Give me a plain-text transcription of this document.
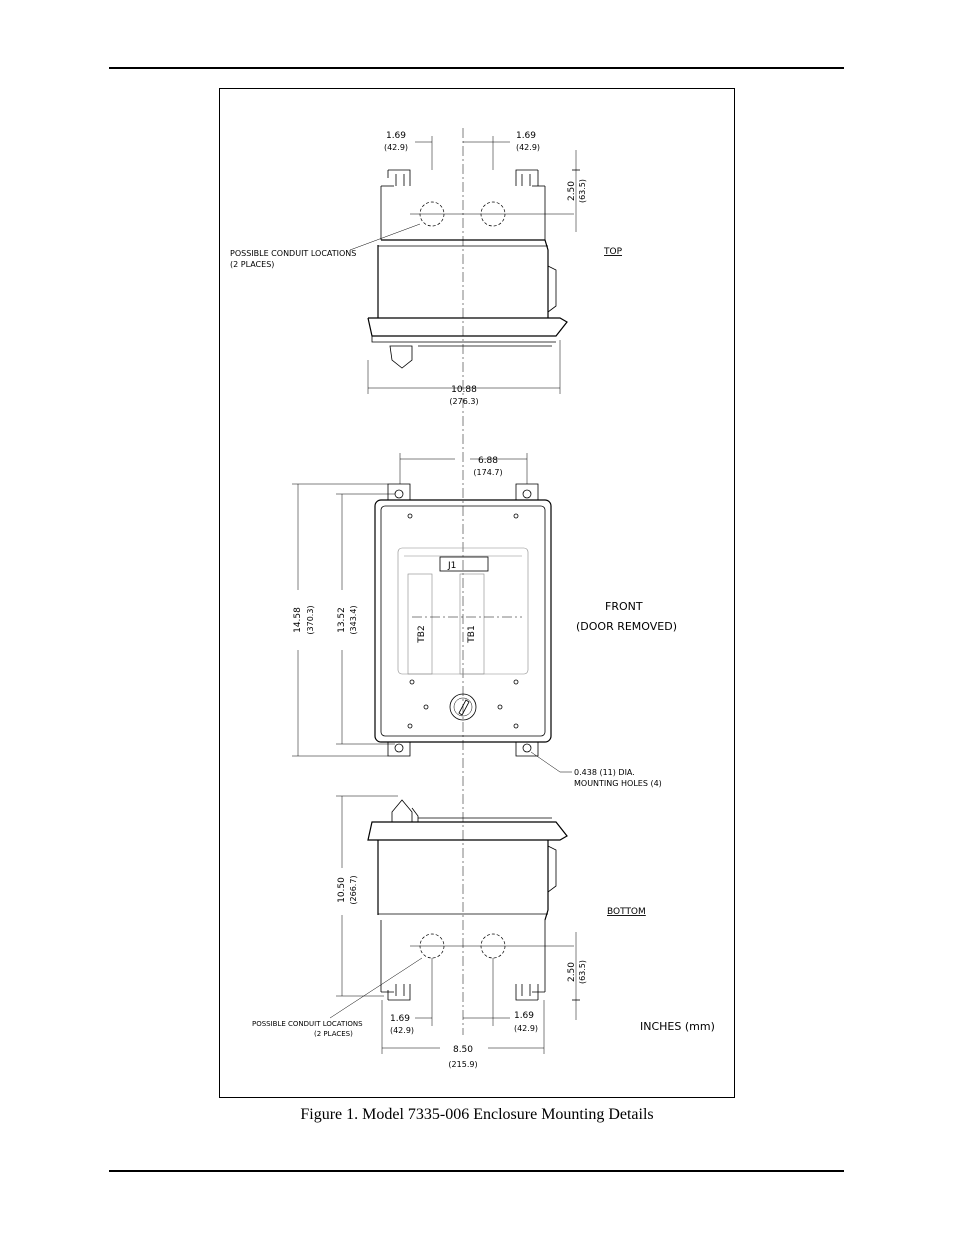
1.69
(42.9)
1.69
(42.9)
2.50 (63.5)
POSSIBLE CONDUIT LOCATIONS
(2 PLACES)
TOP
10.88
(276.3)
6.88
(174.7)
14.58 (370.3) 13.52 (343.4)
J1
TB2	TB1
FRONT
(DOOR REMOVED)
0.438 (11) DIA.
MOUNTING HOLES (4)
10.50 (266.7)
BOTTOM
2.50 (63.5)
1.69
(42.9)
1.69
(42.9)
POSSIBLE CONDUIT LOCATIONS
(2 PLACES)
8.50
(215.9)
INCHES (mm)
Figure 1. Model 7335-006 Enclosure Mounting Details
